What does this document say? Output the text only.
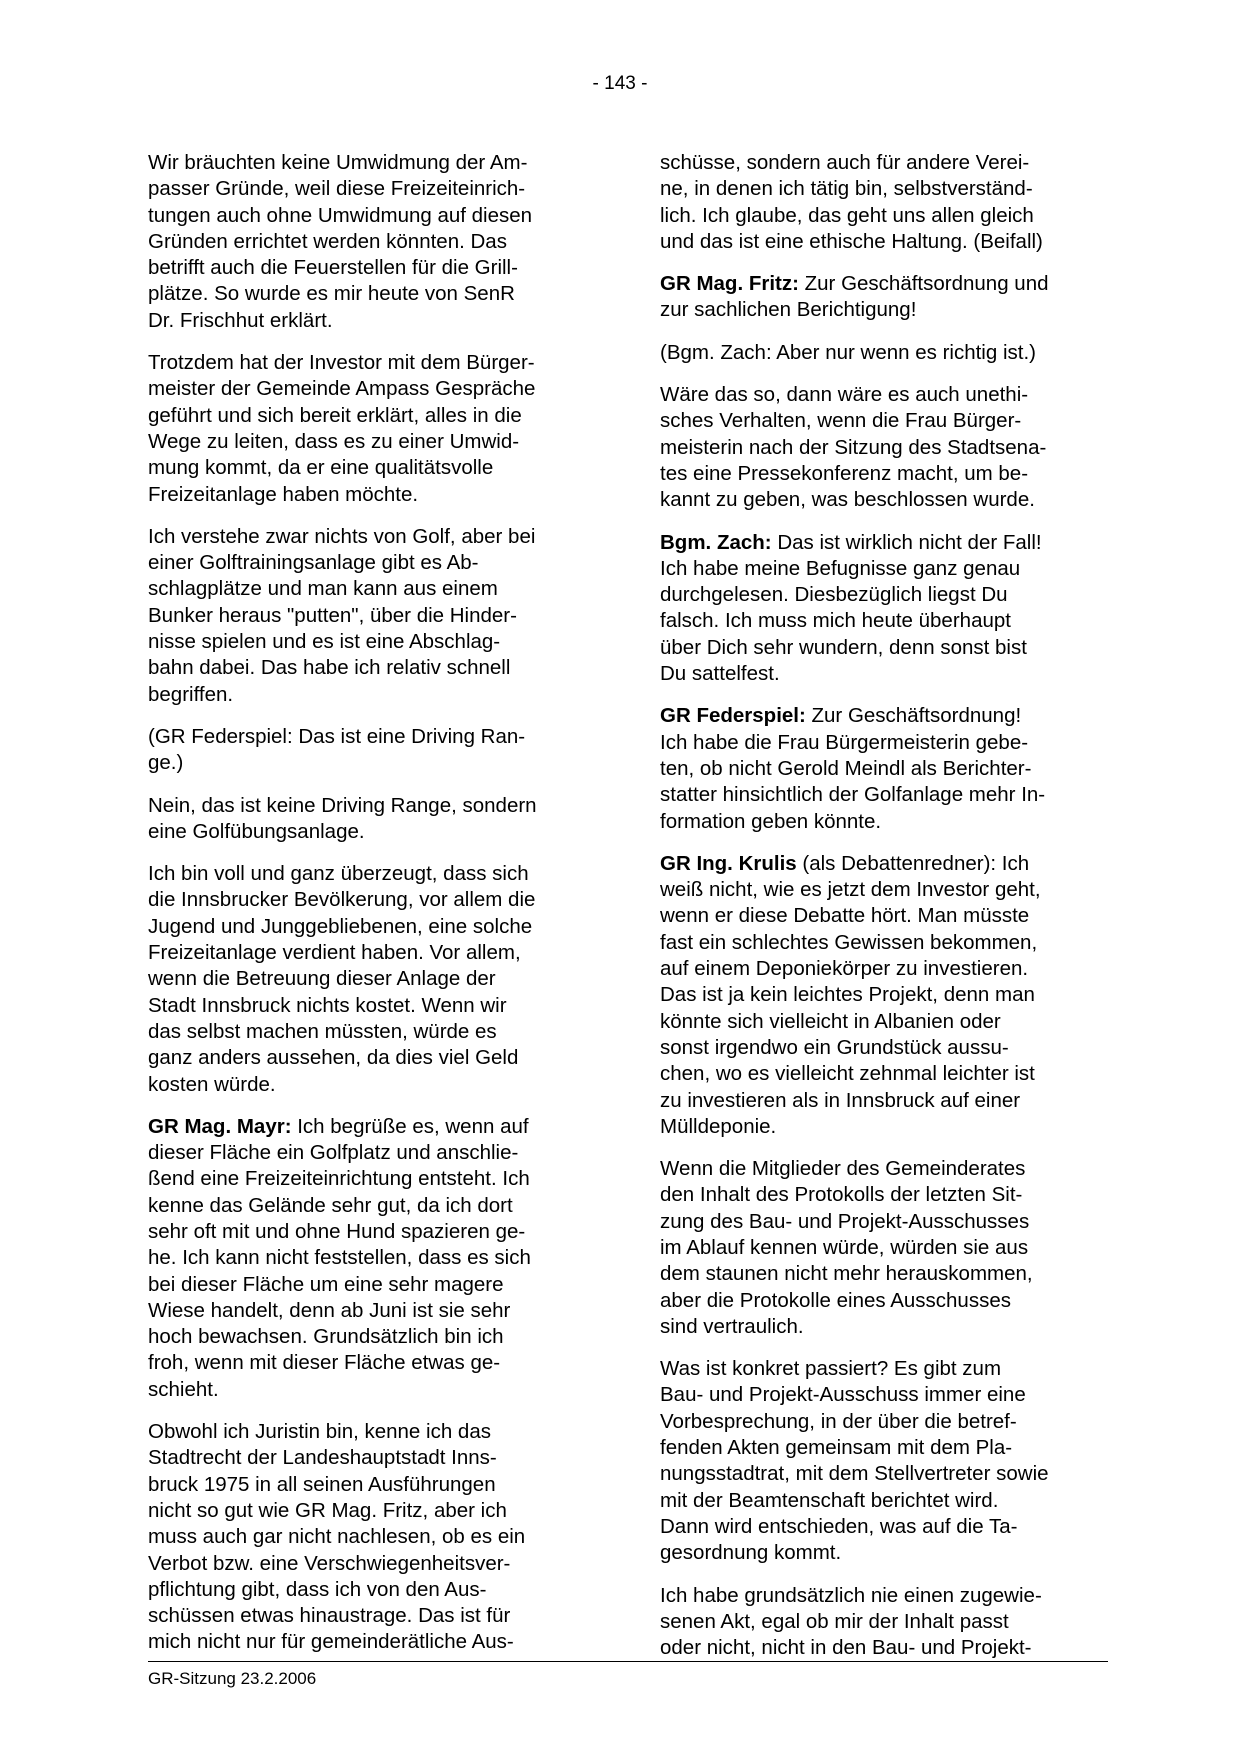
- 143 -

Wir bräuchten keine Umwidmung der Am-
passer Gründe, weil diese Freizeiteinrich-
tungen auch ohne Umwidmung auf diesen
Gründen errichtet werden könnten. Das
betrifft auch die Feuerstellen für die Grill-
plätze. So wurde es mir heute von SenR
Dr. Frischhut erklärt.

Trotzdem hat der Investor mit dem Bürger-
meister der Gemeinde Ampass Gespräche
geführt und sich bereit erklärt, alles in die
Wege zu leiten, dass es zu einer Umwid-
mung kommt, da er eine qualitätsvolle
Freizeitanlage haben möchte.

Ich verstehe zwar nichts von Golf, aber bei
einer Golftrainingsanlage gibt es Ab-
schlagplätze und man kann aus einem
Bunker heraus "putten", über die Hinder-
nisse spielen und es ist eine Abschlag-
bahn dabei. Das habe ich relativ schnell
begriffen.

(GR Federspiel: Das ist eine Driving Ran-
ge.)

Nein, das ist keine Driving Range, sondern
eine Golfübungsanlage.

Ich bin voll und ganz überzeugt, dass sich
die Innsbrucker Bevölkerung, vor allem die
Jugend und Junggebliebenen, eine solche
Freizeitanlage verdient haben. Vor allem,
wenn die Betreuung dieser Anlage der
Stadt Innsbruck nichts kostet. Wenn wir
das selbst machen müssten, würde es
ganz anders aussehen, da dies viel Geld
kosten würde.

GR Mag. Mayr: Ich begrüße es, wenn auf
dieser Fläche ein Golfplatz und anschlie-
ßend eine Freizeiteinrichtung entsteht. Ich
kenne das Gelände sehr gut, da ich dort
sehr oft mit und ohne Hund spazieren ge-
he. Ich kann nicht feststellen, dass es sich
bei dieser Fläche um eine sehr magere
Wiese handelt, denn ab Juni ist sie sehr
hoch bewachsen. Grundsätzlich bin ich
froh, wenn mit dieser Fläche etwas ge-
schieht.

Obwohl ich Juristin bin, kenne ich das
Stadtrecht der Landeshauptstadt Inns-
bruck 1975 in all seinen Ausführungen
nicht so gut wie GR Mag. Fritz, aber ich
muss auch gar nicht nachlesen, ob es ein
Verbot bzw. eine Verschwiegenheitsver-
pflichtung gibt, dass ich von den Aus-
schüssen etwas hinaustrage. Das ist für
mich nicht nur für gemeinderätliche Aus-

schüsse, sondern auch für andere Verei-
ne, in denen ich tätig bin, selbstverständ-
lich. Ich glaube, das geht uns allen gleich
und das ist eine ethische Haltung. (Beifall)

GR Mag. Fritz: Zur Geschäftsordnung und
zur sachlichen Berichtigung!

(Bgm. Zach: Aber nur wenn es richtig ist.)

Wäre das so, dann wäre es auch unethi-
sches Verhalten, wenn die Frau Bürger-
meisterin nach der Sitzung des Stadtsena-
tes eine Pressekonferenz macht, um be-
kannt zu geben, was beschlossen wurde.

Bgm. Zach: Das ist wirklich nicht der Fall!
Ich habe meine Befugnisse ganz genau
durchgelesen. Diesbezüglich liegst Du
falsch. Ich muss mich heute überhaupt
über Dich sehr wundern, denn sonst bist
Du sattelfest.

GR Federspiel: Zur Geschäftsordnung!
Ich habe die Frau Bürgermeisterin gebe-
ten, ob nicht Gerold Meindl als Berichter-
statter hinsichtlich der Golfanlage mehr In-
formation geben könnte.

GR Ing. Krulis (als Debattenredner): Ich
weiß nicht, wie es jetzt dem Investor geht,
wenn er diese Debatte hört. Man müsste
fast ein schlechtes Gewissen bekommen,
auf einem Deponiekörper zu investieren.
Das ist ja kein leichtes Projekt, denn man
könnte sich vielleicht in Albanien oder
sonst irgendwo ein Grundstück aussu-
chen, wo es vielleicht zehnmal leichter ist
zu investieren als in Innsbruck auf einer
Mülldeponie.

Wenn die Mitglieder des Gemeinderates
den Inhalt des Protokolls der letzten Sit-
zung des Bau- und Projekt-Ausschusses
im Ablauf kennen würde, würden sie aus
dem staunen nicht mehr herauskommen,
aber die Protokolle eines Ausschusses
sind vertraulich.

Was ist konkret passiert? Es gibt zum
Bau- und Projekt-Ausschuss immer eine
Vorbesprechung, in der über die betref-
fenden Akten gemeinsam mit dem Pla-
nungsstadtrat, mit dem Stellvertreter sowie
mit der Beamtenschaft berichtet wird.
Dann wird entschieden, was auf die Ta-
gesordnung kommt.

Ich habe grundsätzlich nie einen zugewie-
senen Akt, egal ob mir der Inhalt passt
oder nicht, nicht in den Bau- und Projekt-

GR-Sitzung 23.2.2006
